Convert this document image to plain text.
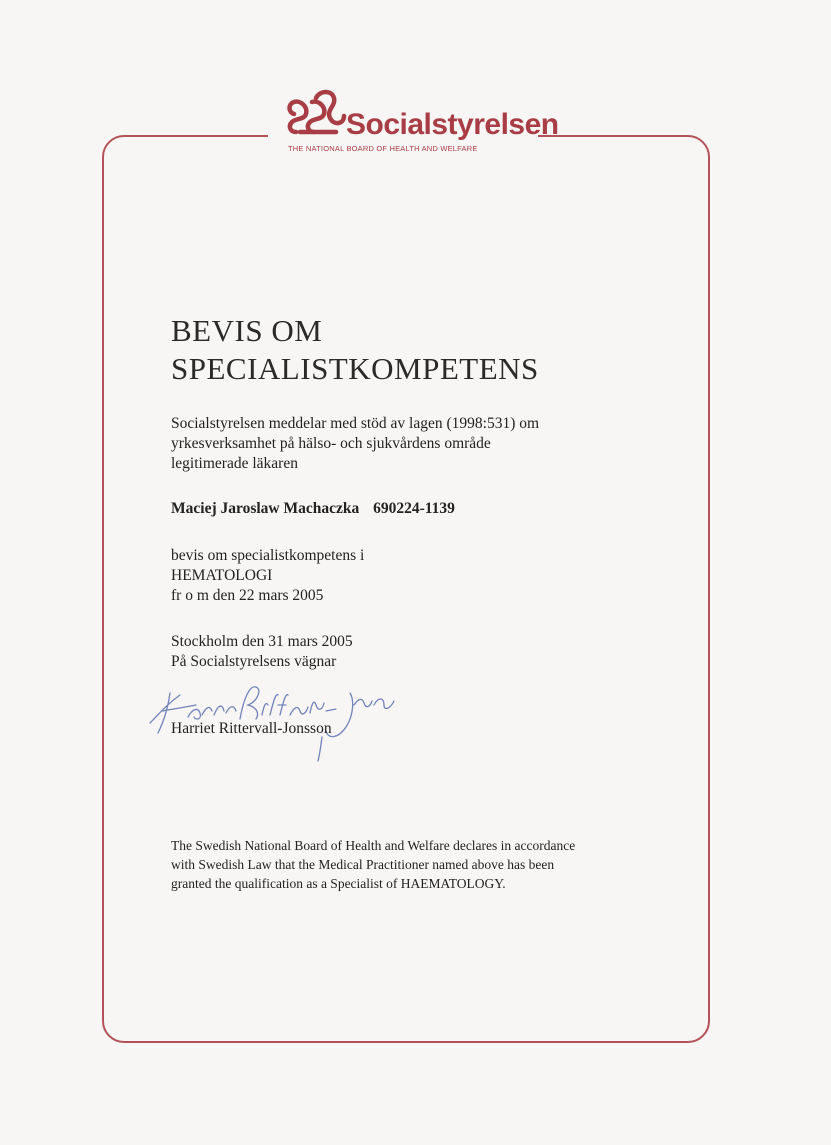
Socialstyrelsen
THE NATIONAL BOARD OF HEALTH AND WELFARE
BEVIS OM
SPECIALISTKOMPETENS
Socialstyrelsen meddelar med stöd av lagen (1998:531) om
yrkesverksamhet på hälso- och sjukvårdens område
legitimerade läkaren
Maciej Jaroslaw Machaczka 690224-1139
bevis om specialistkompetens i
HEMATOLOGI
fr o m den 22 mars 2005
Stockholm den 31 mars 2005
På Socialstyrelsens vägnar
Harriet Rittervall-Jonsson
The Swedish National Board of Health and Welfare declares in accordance
with Swedish Law that the Medical Practitioner named above has been
granted the qualification as a Specialist of HAEMATOLOGY.
